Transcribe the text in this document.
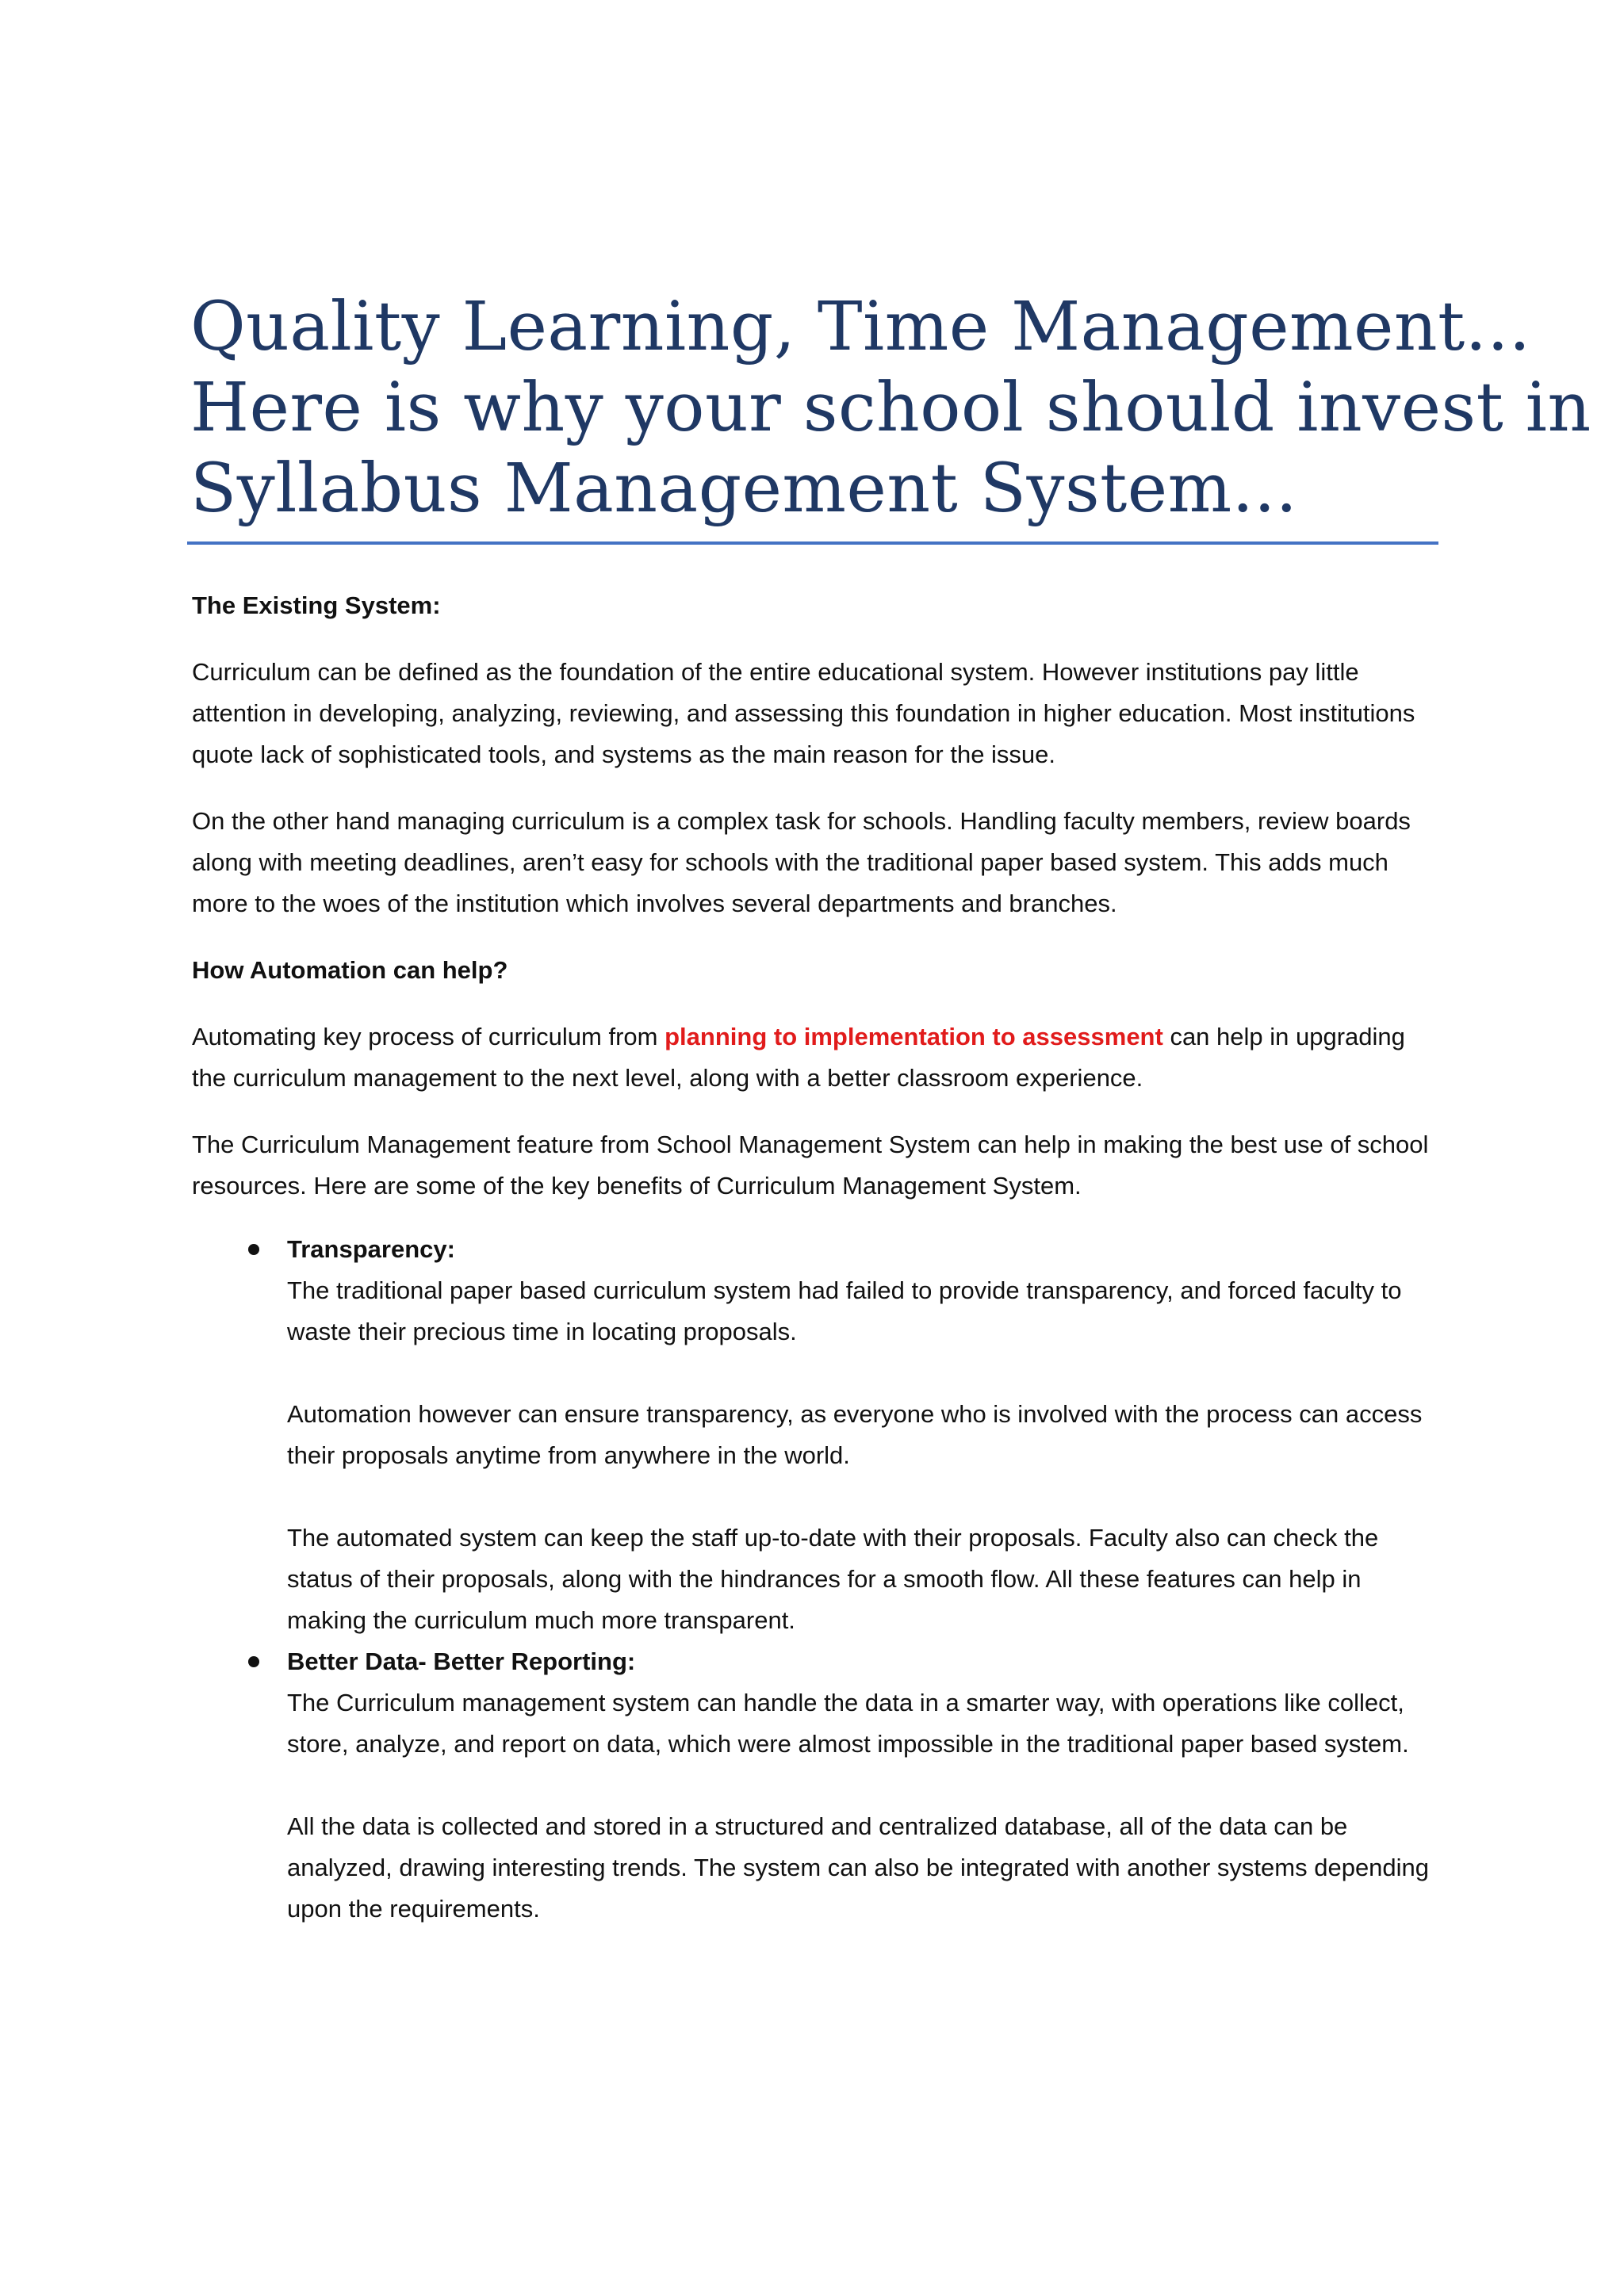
Quality Learning, Time Management...
Here is why your school should invest in
Syllabus Management System...

The Existing System:

Curriculum can be defined as the foundation of the entire educational system. However institutions pay little attention in developing, analyzing, reviewing, and assessing this foundation in higher education. Most institutions quote lack of sophisticated tools, and systems as the main reason for the issue.

On the other hand managing curriculum is a complex task for schools. Handling faculty members, review boards along with meeting deadlines, aren’t easy for schools with the traditional paper based system. This adds much more to the woes of the institution which involves several departments and branches.

How Automation can help?

Automating key process of curriculum from planning to implementation to assessment can help in upgrading the curriculum management to the next level, along with a better classroom experience.

The Curriculum Management feature from School Management System can help in making the best use of school resources. Here are some of the key benefits of Curriculum Management System.

Transparency:
The traditional paper based curriculum system had failed to provide transparency, and forced faculty to waste their precious time in locating proposals.
Automation however can ensure transparency, as everyone who is involved with the process can access their proposals anytime from anywhere in the world.
The automated system can keep the staff up-to-date with their proposals. Faculty also can check the status of their proposals, along with the hindrances for a smooth flow. All these features can help in making the curriculum much more transparent.
Better Data- Better Reporting:
The Curriculum management system can handle the data in a smarter way, with operations like collect, store, analyze, and report on data, which were almost impossible in the traditional paper based system.
All the data is collected and stored in a structured and centralized database, all of the data can be analyzed, drawing interesting trends. The system can also be integrated with another systems depending upon the requirements.
